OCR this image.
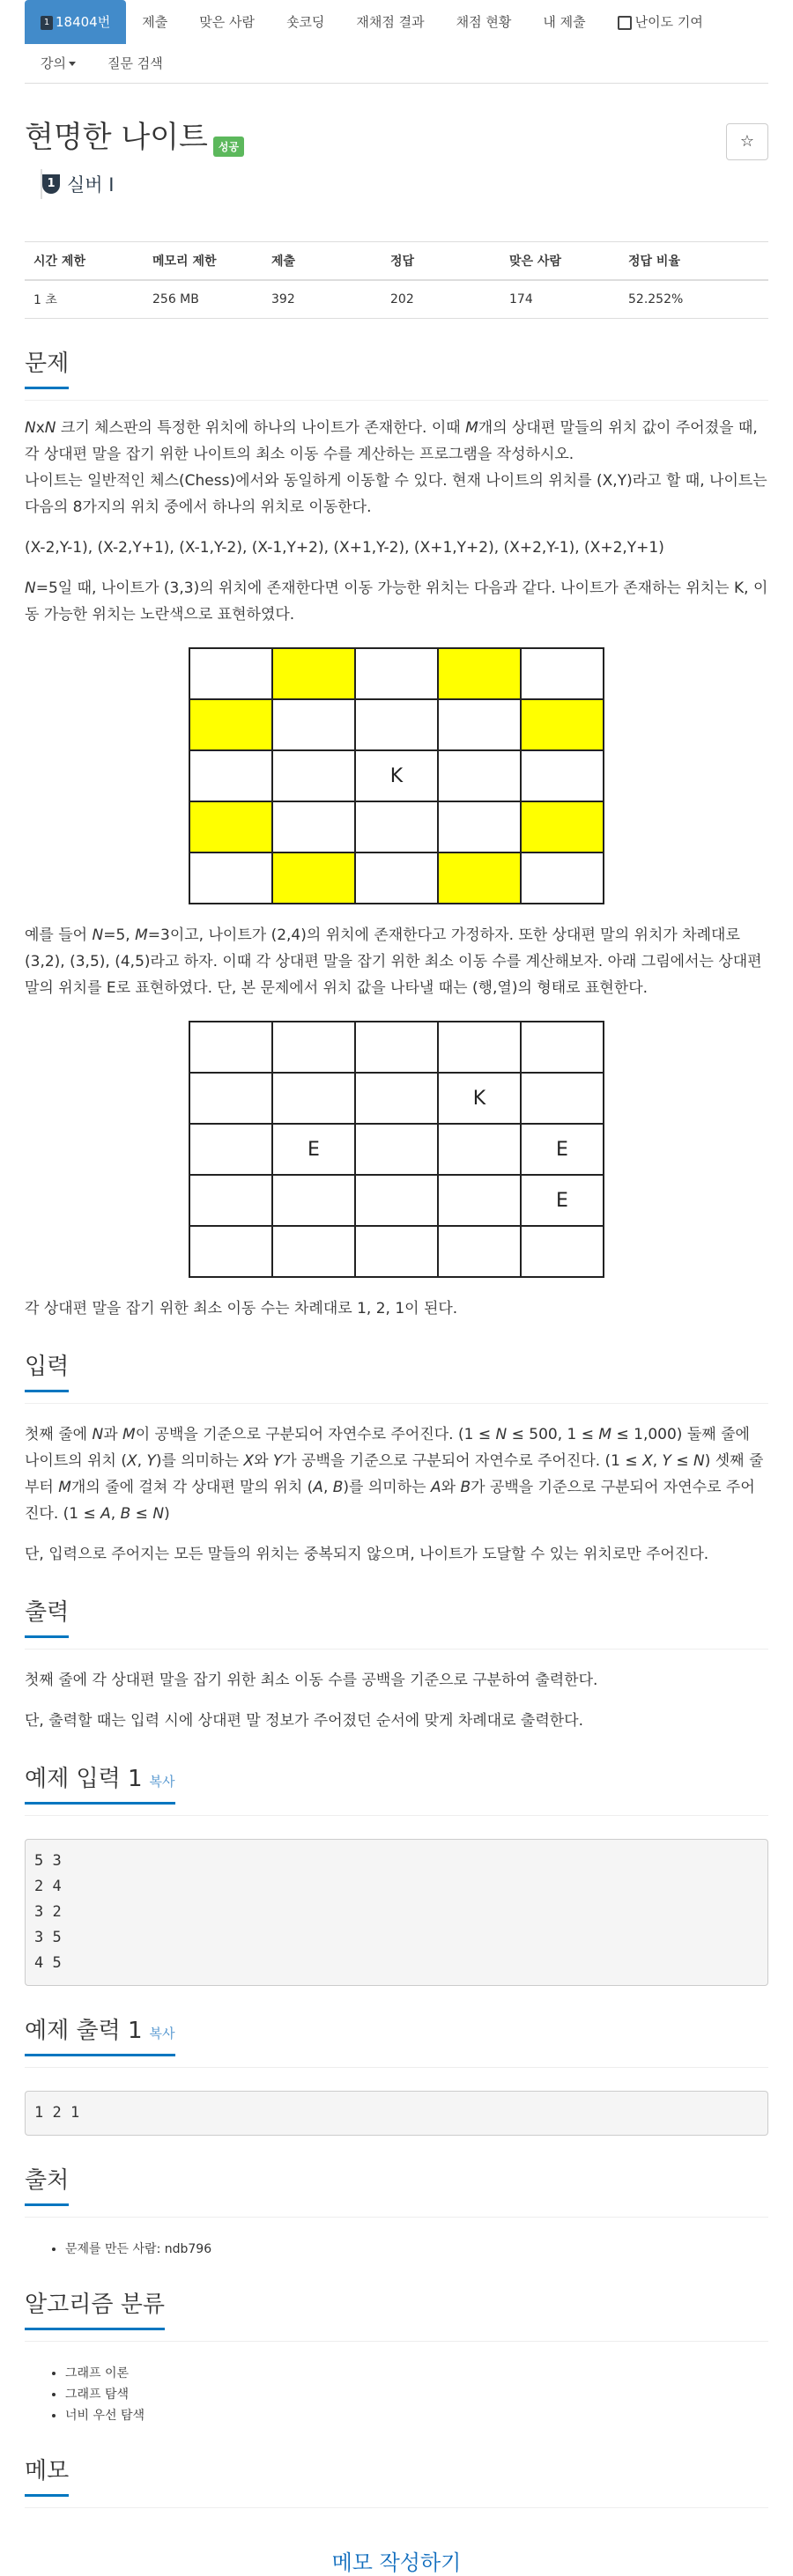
1 18404번	제출	맞은 사람	숏코딩	재채점 결과	채점 현황	내 제출	난이도 기여
강의	질문 검색
현명한 나이트 성공	☆
1 실버 I
시간 제한	메모리 제한	제출	정답	맞은 사람	정답 비율
1 초	256 MB	392	202	174	52.252%
문제

NxN 크기 체스판의 특정한 위치에 하나의 나이트가 존재한다. 이때 M개의 상대편 말들의 위치 값이 주어졌을 때, 각 상대편 말을 잡기 위한 나이트의 최소 이동 수를 계산하는 프로그램을 작성하시오.
나이트는 일반적인 체스(Chess)에서와 동일하게 이동할 수 있다. 현재 나이트의 위치를 (X,Y)라고 할 때, 나이트는 다음의 8가지의 위치 중에서 하나의 위치로 이동한다.

(X-2,Y-1), (X-2,Y+1), (X-1,Y-2), (X-1,Y+2), (X+1,Y-2), (X+1,Y+2), (X+2,Y-1), (X+2,Y+1)

N=5일 때, 나이트가 (3,3)의 위치에 존재한다면 이동 가능한 위치는 다음과 같다. 나이트가 존재하는 위치는 K, 이동 가능한 위치는 노란색으로 표현하였다.

		K		

예를 들어 N=5, M=3이고, 나이트가 (2,4)의 위치에 존재한다고 가정하자. 또한 상대편 말의 위치가 차례대로 (3,2), (3,5), (4,5)라고 하자. 이때 각 상대편 말을 잡기 위한 최소 이동 수를 계산해보자. 아래 그림에서는 상대편 말의 위치를 E로 표현하였다. 단, 본 문제에서 위치 값을 나타낼 때는 (행,열)의 형태로 표현한다.

			K	
	E			E
				E

각 상대편 말을 잡기 위한 최소 이동 수는 차례대로 1, 2, 1이 된다.

입력

첫째 줄에 N과 M이 공백을 기준으로 구분되어 자연수로 주어진다. (1 ≤ N ≤ 500, 1 ≤ M ≤ 1,000) 둘째 줄에 나이트의 위치 (X, Y)를 의미하는 X와 Y가 공백을 기준으로 구분되어 자연수로 주어진다. (1 ≤ X, Y ≤ N) 셋째 줄부터 M개의 줄에 걸쳐 각 상대편 말의 위치 (A, B)를 의미하는 A와 B가 공백을 기준으로 구분되어 자연수로 주어진다. (1 ≤ A, B ≤ N)

단, 입력으로 주어지는 모든 말들의 위치는 중복되지 않으며, 나이트가 도달할 수 있는 위치로만 주어진다.

출력

첫째 줄에 각 상대편 말을 잡기 위한 최소 이동 수를 공백을 기준으로 구분하여 출력한다.

단, 출력할 때는 입력 시에 상대편 말 정보가 주어졌던 순서에 맞게 차례대로 출력한다.

예제 입력 1 복사
5 3
2 4
3 2
3 5
4 5
예제 출력 1 복사
1 2 1
출처
• 문제를 만든 사람: ndb796
알고리즘 분류
• 그래프 이론
• 그래프 탐색
• 너비 우선 탐색
메모
메모 작성하기
